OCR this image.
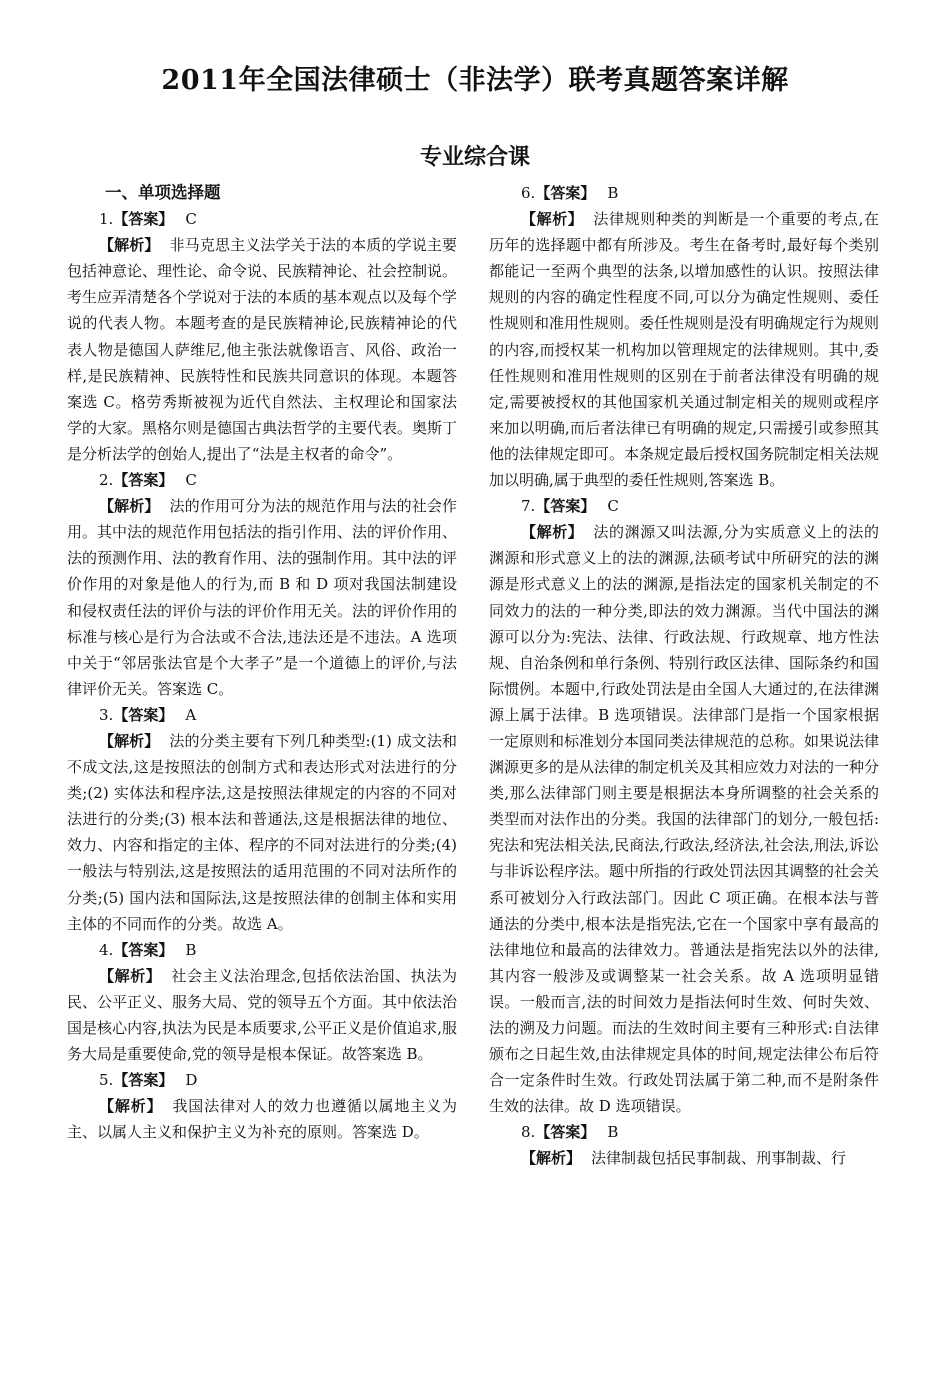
2011年全国法律硕士（非法学）联考真题答案详解
专业综合课
一、单项选择题
1.【答案】 C

【解析】 非马克思主义法学关于法的本质的学说主要包括神意论、理性论、命令说、民族精神论、社会控制说。考生应弄清楚各个学说对于法的本质的基本观点以及每个学说的代表人物。本题考查的是民族精神论,民族精神论的代表人物是德国人萨维尼,他主张法就像语言、风俗、政治一样,是民族精神、民族特性和民族共同意识的体现。本题答案选 C。格劳秀斯被视为近代自然法、主权理论和国家法学的大家。黑格尔则是德国古典法哲学的主要代表。奥斯丁是分析法学的创始人,提出了“法是主权者的命令”。

2.【答案】 C

【解析】 法的作用可分为法的规范作用与法的社会作用。其中法的规范作用包括法的指引作用、法的评价作用、法的预测作用、法的教育作用、法的强制作用。其中法的评价作用的对象是他人的行为,而 B 和 D 项对我国法制建设和侵权责任法的评价与法的评价作用无关。法的评价作用的标准与核心是行为合法或不合法,违法还是不违法。A 选项中关于“邻居张法官是个大孝子”是一个道德上的评价,与法律评价无关。答案选 C。

3.【答案】 A

【解析】 法的分类主要有下列几种类型:(1) 成文法和不成文法,这是按照法的创制方式和表达形式对法进行的分类;(2) 实体法和程序法,这是按照法律规定的内容的不同对法进行的分类;(3) 根本法和普通法,这是根据法律的地位、效力、内容和指定的主体、程序的不同对法进行的分类;(4) 一般法与特别法,这是按照法的适用范围的不同对法所作的分类;(5) 国内法和国际法,这是按照法律的创制主体和实用主体的不同而作的分类。故选 A。

4.【答案】 B

【解析】 社会主义法治理念,包括依法治国、执法为民、公平正义、服务大局、党的领导五个方面。其中依法治国是核心内容,执法为民是本质要求,公平正义是价值追求,服务大局是重要使命,党的领导是根本保证。故答案选 B。

5.【答案】 D

【解析】 我国法律对人的效力也遵循以属地主义为主、以属人主义和保护主义为补充的原则。答案选 D。

6.【答案】 B

【解析】 法律规则种类的判断是一个重要的考点,在历年的选择题中都有所涉及。考生在备考时,最好每个类别都能记一至两个典型的法条,以增加感性的认识。按照法律规则的内容的确定性程度不同,可以分为确定性规则、委任性规则和准用性规则。委任性规则是没有明确规定行为规则的内容,而授权某一机构加以管理规定的法律规则。其中,委任性规则和准用性规则的区别在于前者法律没有明确的规定,需要被授权的其他国家机关通过制定相关的规则或程序来加以明确,而后者法律已有明确的规定,只需援引或参照其他的法律规定即可。本条规定最后授权国务院制定相关法规加以明确,属于典型的委任性规则,答案选 B。

7.【答案】 C

【解析】 法的渊源又叫法源,分为实质意义上的法的渊源和形式意义上的法的渊源,法硕考试中所研究的法的渊源是形式意义上的法的渊源,是指法定的国家机关制定的不同效力的法的一种分类,即法的效力渊源。当代中国法的渊源可以分为:宪法、法律、行政法规、行政规章、地方性法规、自治条例和单行条例、特别行政区法律、国际条约和国际惯例。本题中,行政处罚法是由全国人大通过的,在法律渊源上属于法律。B 选项错误。法律部门是指一个国家根据一定原则和标准划分本国同类法律规范的总称。如果说法律渊源更多的是从法律的制定机关及其相应效力对法的一种分类,那么法律部门则主要是根据法本身所调整的社会关系的类型而对法作出的分类。我国的法律部门的划分,一般包括:宪法和宪法相关法,民商法,行政法,经济法,社会法,刑法,诉讼与非诉讼程序法。题中所指的行政处罚法因其调整的社会关系可被划分入行政法部门。因此 C 项正确。在根本法与普通法的分类中,根本法是指宪法,它在一个国家中享有最高的法律地位和最高的法律效力。普通法是指宪法以外的法律,其内容一般涉及或调整某一社会关系。故 A 选项明显错误。一般而言,法的时间效力是指法何时生效、何时失效、法的溯及力问题。而法的生效时间主要有三种形式:自法律颁布之日起生效,由法律规定具体的时间,规定法律公布后符合一定条件时生效。行政处罚法属于第二种,而不是附条件生效的法律。故 D 选项错误。

8.【答案】 B

【解析】 法律制裁包括民事制裁、刑事制裁、行
